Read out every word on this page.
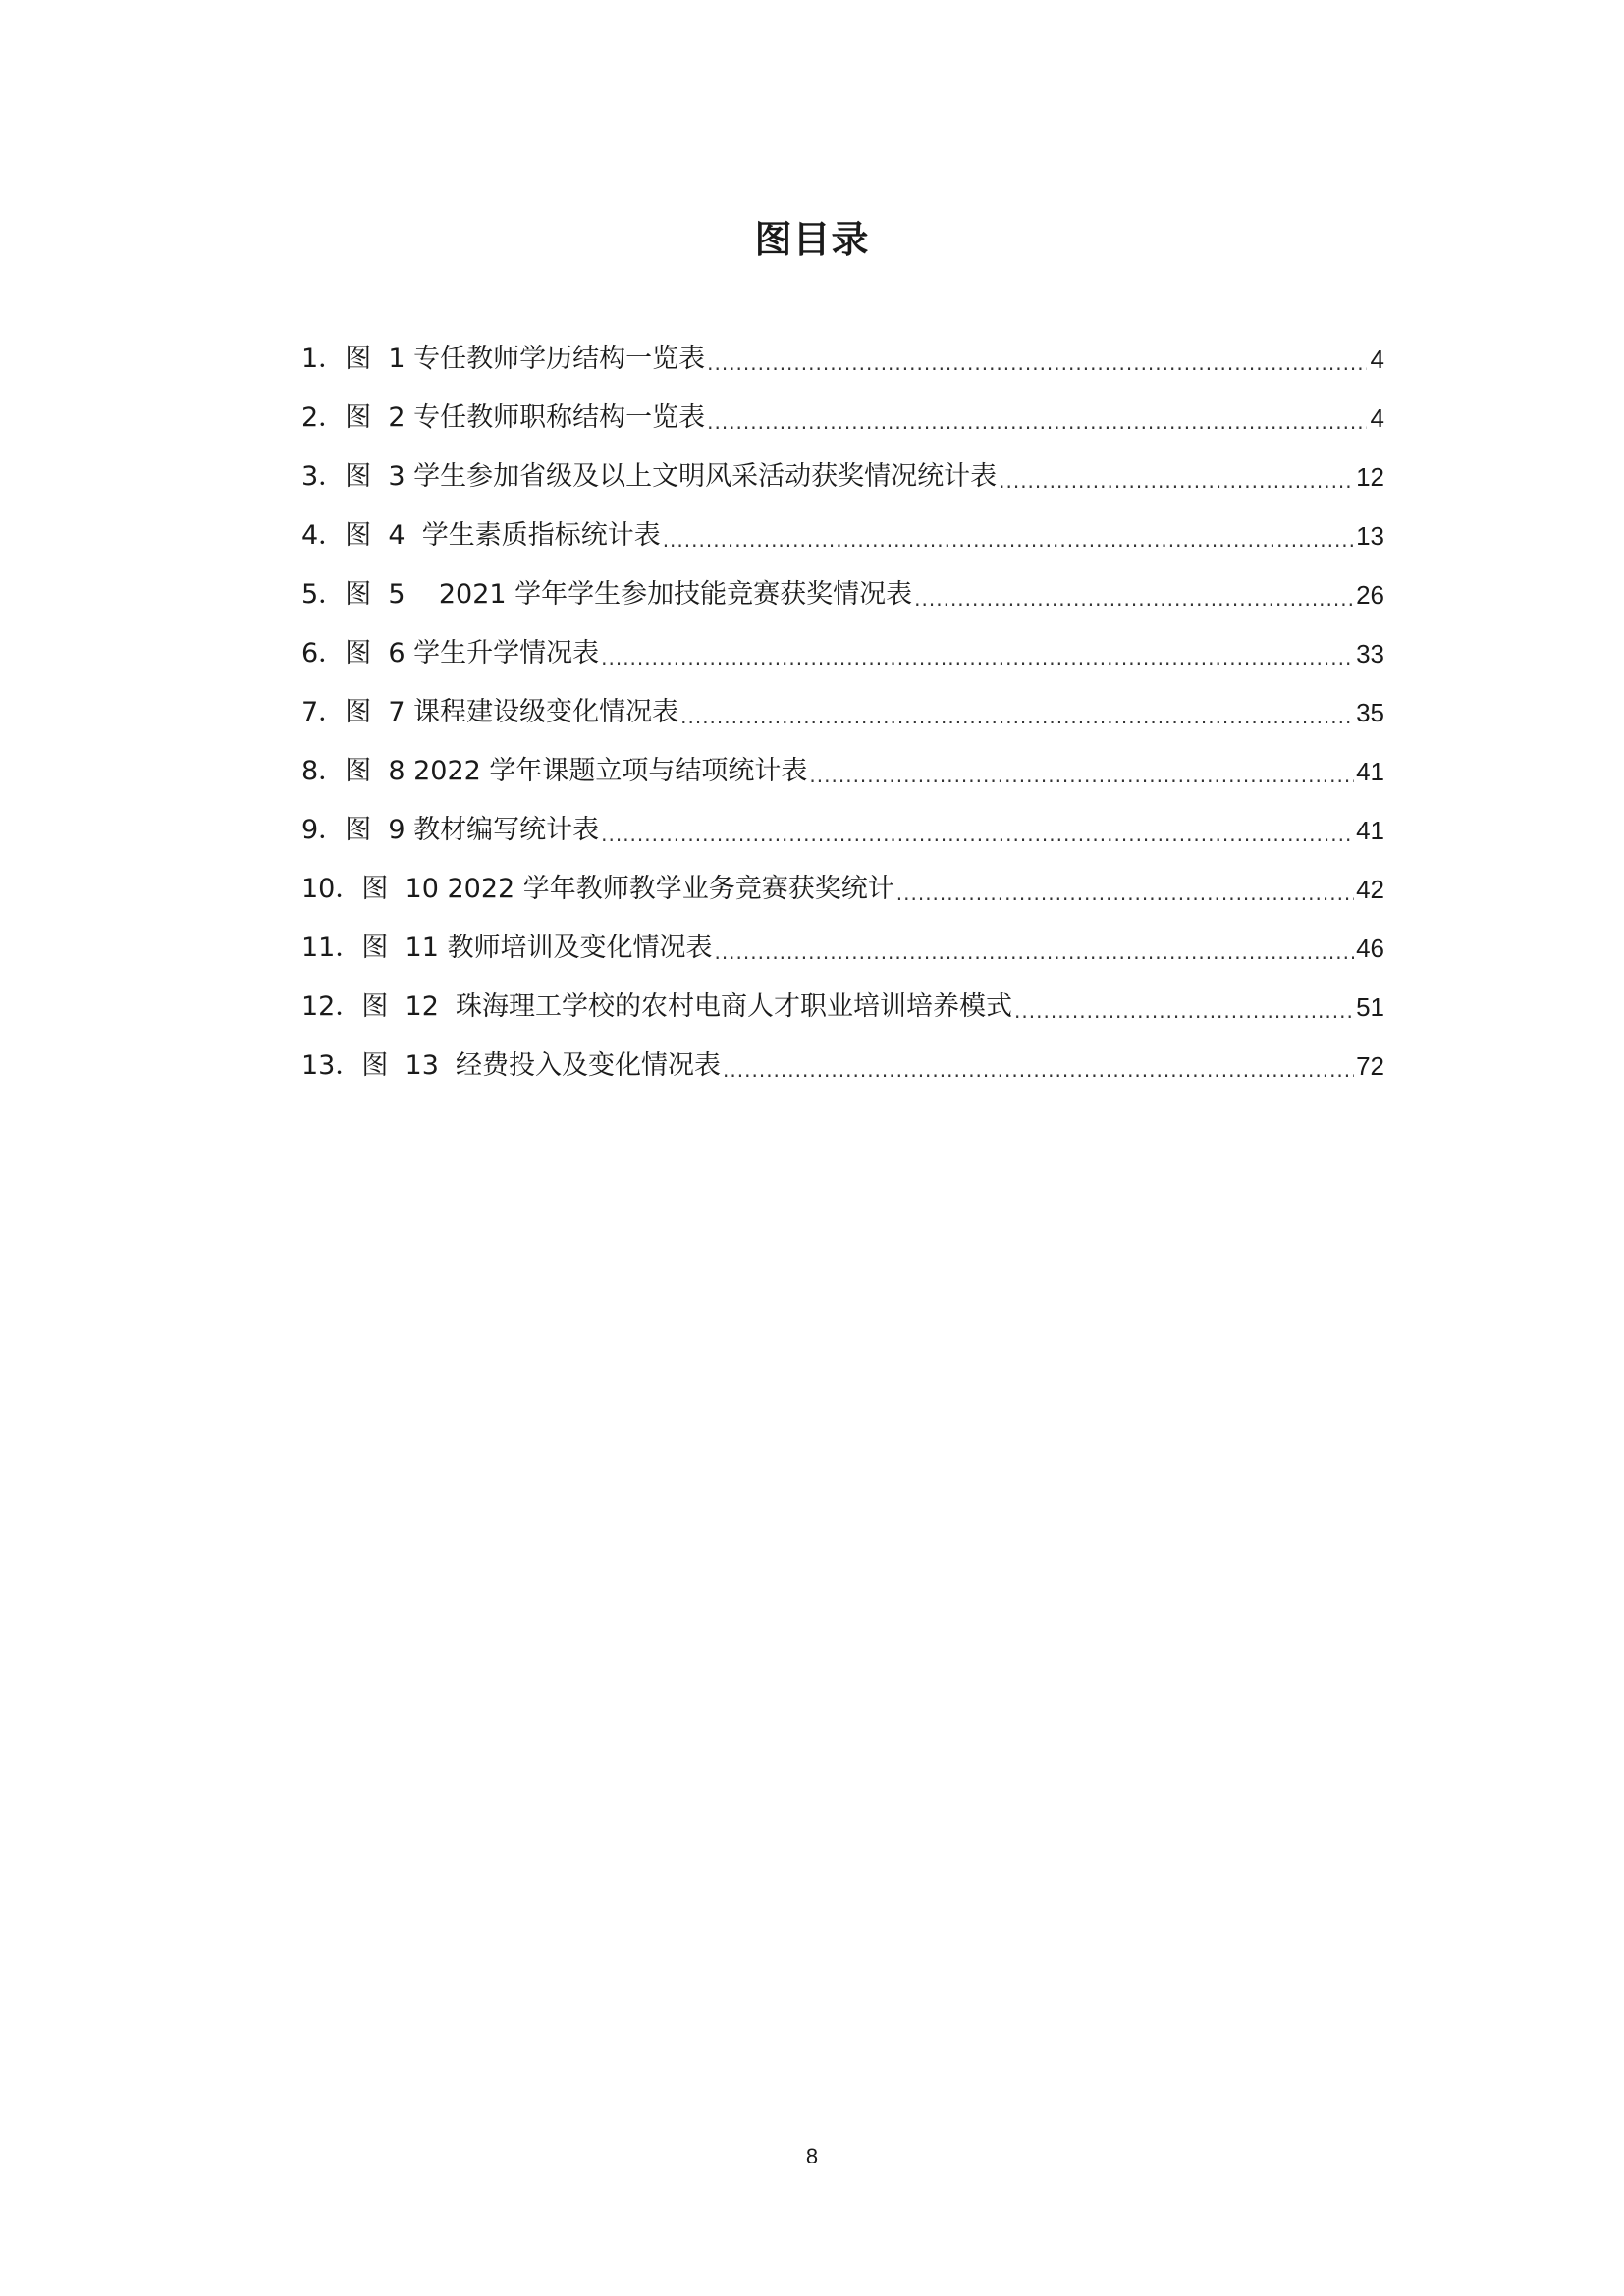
图目录
1． 图  1 专任教师学历结构一览表 .....	4
2． 图  2 专任教师职称结构一览表 .....	4
3． 图  3 学生参加省级及以上文明风采活动获奖情况统计表 .....	12
4． 图  4  学生素质指标统计表 .....	13
5． 图  5    2021 学年学生参加技能竞赛获奖情况表 .....	26
6． 图  6 学生升学情况表 .....	33
7． 图  7 课程建设级变化情况表 .....	35
8． 图  8 2022 学年课题立项与结项统计表 .....	41
9． 图  9 教材编写统计表 .....	41
10． 图  10 2022 学年教师教学业务竞赛获奖统计 .....	42
11． 图  11 教师培训及变化情况表 .....	46
12． 图  12  珠海理工学校的农村电商人才职业培训培养模式 .....	51
13． 图  13  经费投入及变化情况表 .....	72
8
